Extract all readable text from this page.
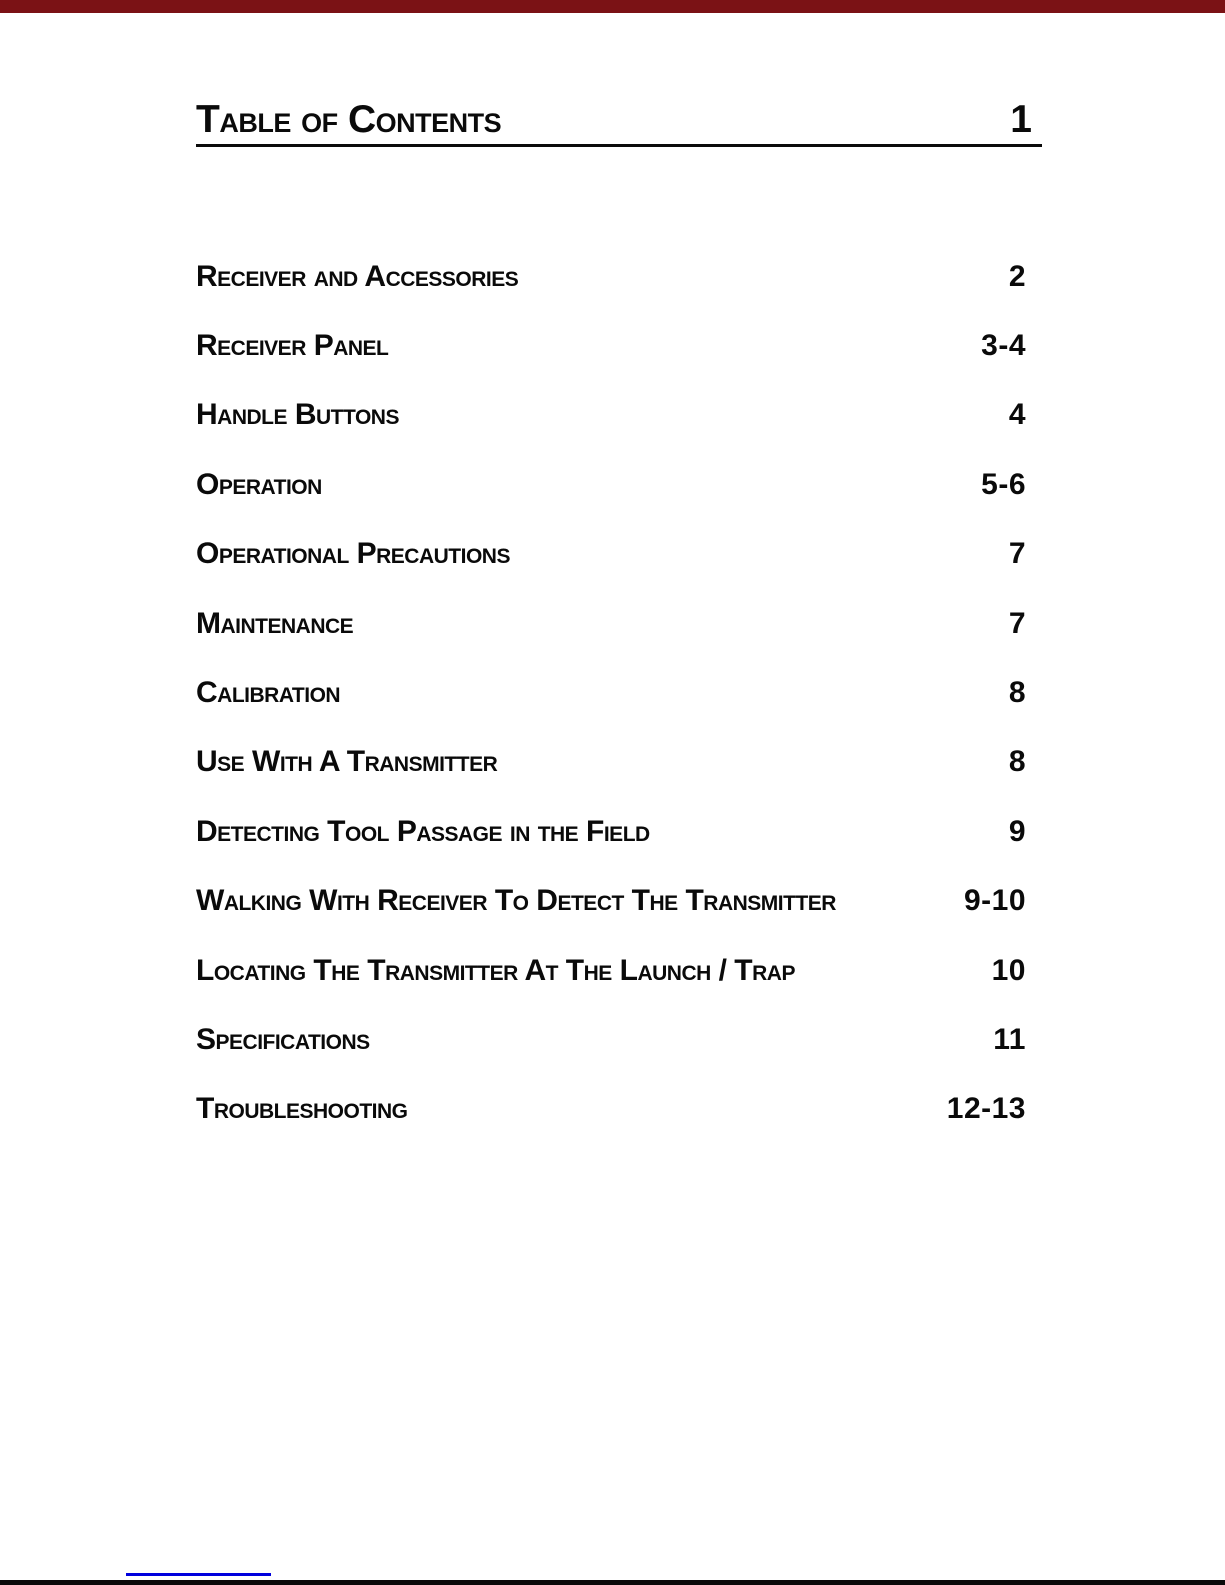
Table of Contents	1
Receiver and Accessories	2
Receiver Panel	3-4
Handle Buttons	4
Operation	5-6
Operational Precautions	7
Maintenance	7
Calibration	8
Use With A Transmitter	8
Detecting Tool Passage in the Field	9
Walking With Receiver To Detect The Transmitter	9-10
Locating The Transmitter At The Launch / Trap	10
Specifications	11
Troubleshooting	12-13
